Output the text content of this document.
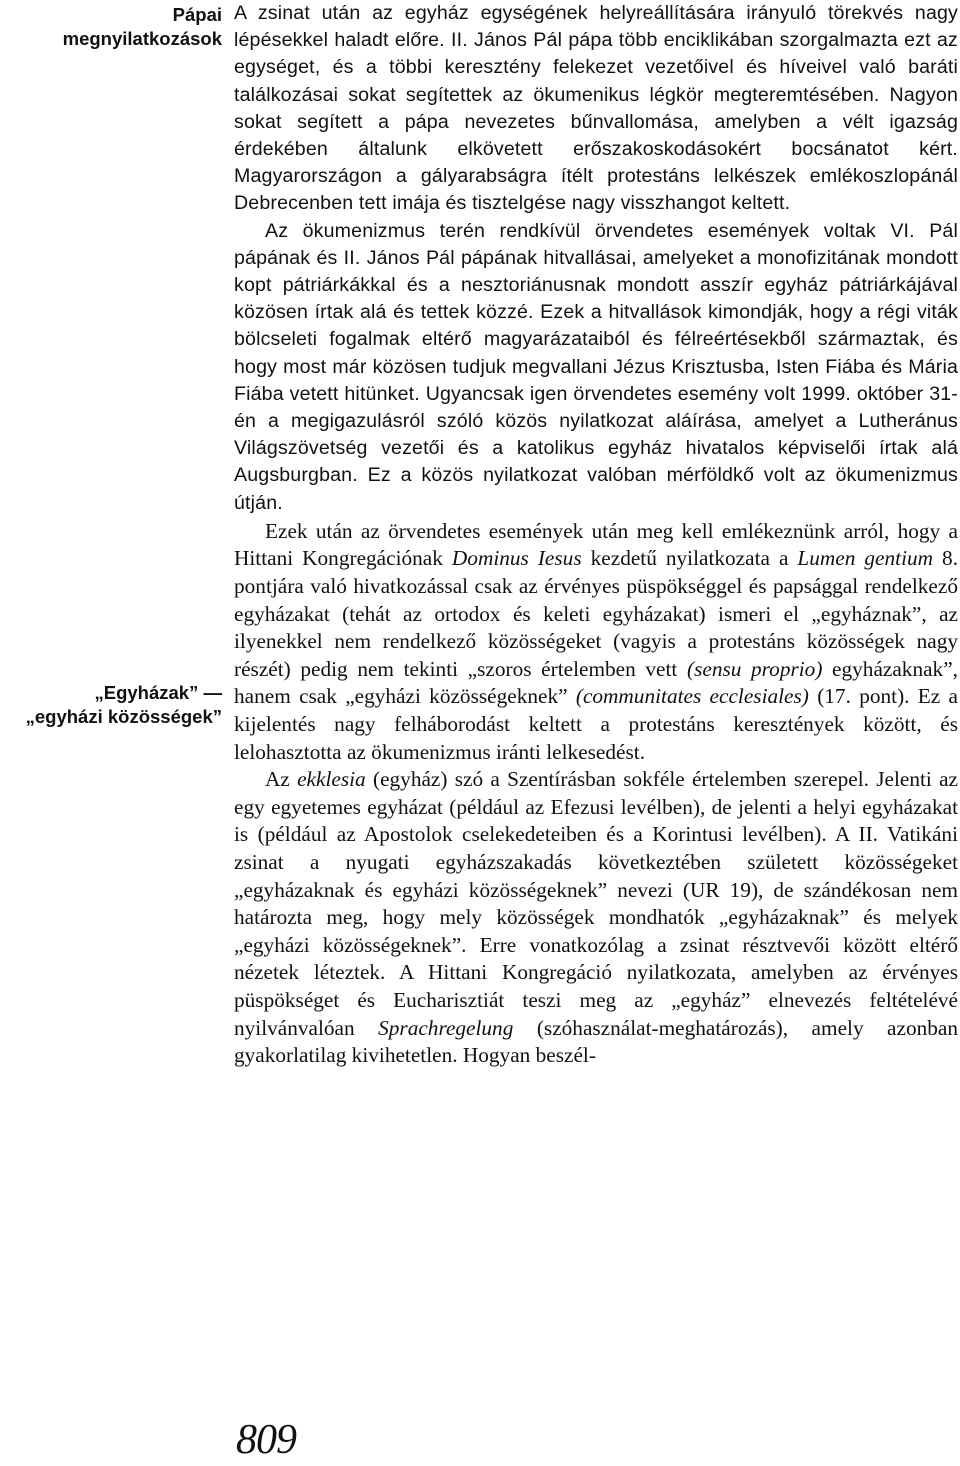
Pápai
megnyilatkozások
„Egyházak” —
„egyházi közösségek”

A zsinat után az egyház egységének helyreállítására irányuló törekvés nagy lépésekkel haladt előre. II. János Pál pápa több enciklikában szorgalmazta ezt az egységet, és a többi keresztény felekezet vezetőivel és híveivel való baráti találkozásai sokat segítettek az ökumenikus légkör megteremtésében. Nagyon sokat segített a pápa nevezetes bűnvallomása, amelyben a vélt igazság érdekében általunk elkövetett erőszakoskodásokért bocsánatot kért. Magyarországon a gályarabságra ítélt protestáns lelkészek emlékoszlopánál Debrecenben tett imája és tisztelgése nagy visszhangot keltett.

Az ökumenizmus terén rendkívül örvendetes események voltak VI. Pál pápának és II. János Pál pápának hitvallásai, amelyeket a monofizitának mondott kopt pátriárkákkal és a nesztoriánusnak mondott asszír egyház pátriárkájával közösen írtak alá és tettek közzé. Ezek a hitvallások kimondják, hogy a régi viták bölcseleti fogalmak eltérő magyarázataiból és félreértésekből származtak, és hogy most már közösen tudjuk megvallani Jézus Krisztusba, Isten Fiába és Mária Fiába vetett hitünket. Ugyancsak igen örvendetes esemény volt 1999. október 31-én a megigazulásról szóló közös nyilatkozat aláírása, amelyet a Lutheránus Világszövetség vezetői és a katolikus egyház hivatalos képviselői írtak alá Augsburgban. Ez a közös nyilatkozat valóban mérföldkő volt az ökumenizmus útján.

Ezek után az örvendetes események után meg kell emlékeznünk arról, hogy a Hittani Kongregációnak Dominus Iesus kezdetű nyilatkozata a Lumen gentium 8. pontjára való hivatkozással csak az érvényes püspökséggel és papsággal rendelkező egyházakat (tehát az ortodox és keleti egyházakat) ismeri el „egyháznak”, az ilyenekkel nem rendelkező közösségeket (vagyis a protestáns közösségek nagy részét) pedig nem tekinti „szoros értelemben vett (sensu proprio) egyházaknak”, hanem csak „egyházi közösségeknek” (communitates ecclesiales) (17. pont). Ez a kijelentés nagy felháborodást keltett a protestáns keresztények között, és lelohasztotta az ökumenizmus iránti lelkesedést.

Az ekklesia (egyház) szó a Szentírásban sokféle értelemben szerepel. Jelenti az egy egyetemes egyházat (például az Efezusi levélben), de jelenti a helyi egyházakat is (például az Apostolok cselekedeteiben és a Korintusi levélben). A II. Vatikáni zsinat a nyugati egyházszakadás következtében született közösségeket „egyházaknak és egyházi közösségeknek” nevezi (UR 19), de szándékosan nem határozta meg, hogy mely közösségek mondhatók „egyházaknak” és melyek „egyházi közösségeknek”. Erre vonatkozólag a zsinat résztvevői között eltérő nézetek léteztek. A Hittani Kongregáció nyilatkozata, amelyben az érvényes püspökséget és Eucharisztiát teszi meg az „egyház” elnevezés feltételévé nyilvánvalóan Sprachregelung (szóhasználat-meghatározás), amely azonban gyakorlatilag kivihetetlen. Hogyan beszél-

809
